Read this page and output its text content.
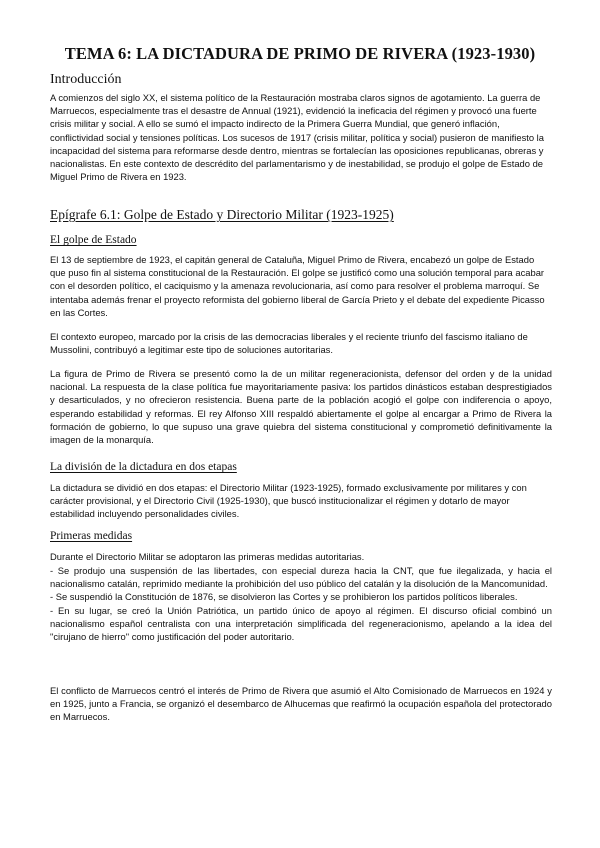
TEMA 6: LA DICTADURA DE PRIMO DE RIVERA (1923-1930)
Introducción

A comienzos del siglo XX, el sistema político de la Restauración mostraba claros signos de agotamiento. La guerra de Marruecos, especialmente tras el desastre de Annual (1921), evidenció la ineficacia del régimen y provocó una fuerte crisis militar y social. A ello se sumó el impacto indirecto de la Primera Guerra Mundial, que generó inflación, conflictividad social y tensiones políticas. Los sucesos de 1917 (crisis militar, política y social) pusieron de manifiesto la incapacidad del sistema para reformarse desde dentro, mientras se fortalecían las oposiciones republicanas, obreras y nacionalistas. En este contexto de descrédito del parlamentarismo y de inestabilidad, se produjo el golpe de Estado de Miguel Primo de Rivera en 1923.

Epígrafe 6.1: Golpe de Estado y Directorio Militar (1923-1925)
El golpe de Estado

El 13 de septiembre de 1923, el capitán general de Cataluña, Miguel Primo de Rivera, encabezó un golpe de Estado que puso fin al sistema constitucional de la Restauración. El golpe se justificó como una solución temporal para acabar con el desorden político, el caciquismo y la amenaza revolucionaria, así como para resolver el problema marroquí. Se intentaba además frenar el proyecto reformista del gobierno liberal de García Prieto y el debate del expediente Picasso en las Cortes.

El contexto europeo, marcado por la crisis de las democracias liberales y el reciente triunfo del fascismo italiano de Mussolini, contribuyó a legitimar este tipo de soluciones autoritarias.

La figura de Primo de Rivera se presentó como la de un militar regeneracionista, defensor del orden y de la unidad nacional. La respuesta de la clase política fue mayoritariamente pasiva: los partidos dinásticos estaban desprestigiados y desarticulados, y no ofrecieron resistencia. Buena parte de la población acogió el golpe con indiferencia o apoyo, esperando estabilidad y reformas. El rey Alfonso XIII respaldó abiertamente el golpe al encargar a Primo de Rivera la formación de gobierno, lo que supuso una grave quiebra del sistema constitucional y comprometió definitivamente la imagen de la monarquía.

La división de la dictadura en dos etapas

La dictadura se dividió en dos etapas: el Directorio Militar (1923-1925), formado exclusivamente por militares y con carácter provisional, y el Directorio Civil (1925-1930), que buscó institucionalizar el régimen y dotarlo de mayor estabilidad incluyendo personalidades civiles.

Primeras medidas

Durante el Directorio Militar se adoptaron las primeras medidas autoritarias.

- Se produjo una suspensión de las libertades, con especial dureza hacia la CNT, que fue ilegalizada, y hacia el nacionalismo catalán, reprimido mediante la prohibición del uso público del catalán y la disolución de la Mancomunidad.
- Se suspendió la Constitución de 1876, se disolvieron las Cortes y se prohibieron los partidos políticos liberales.
- En su lugar, se creó la Unión Patriótica, un partido único de apoyo al régimen. El discurso oficial combinó un nacionalismo español centralista con una interpretación simplificada del regeneracionismo, apelando a la idea del "cirujano de hierro" como justificación del poder autoritario.

El conflicto de Marruecos centró el interés de Primo de Rivera que asumió el Alto Comisionado de Marruecos en 1924 y en 1925, junto a Francia, se organizó el desembarco de Alhucemas que reafirmó la ocupación española del protectorado en Marruecos.
